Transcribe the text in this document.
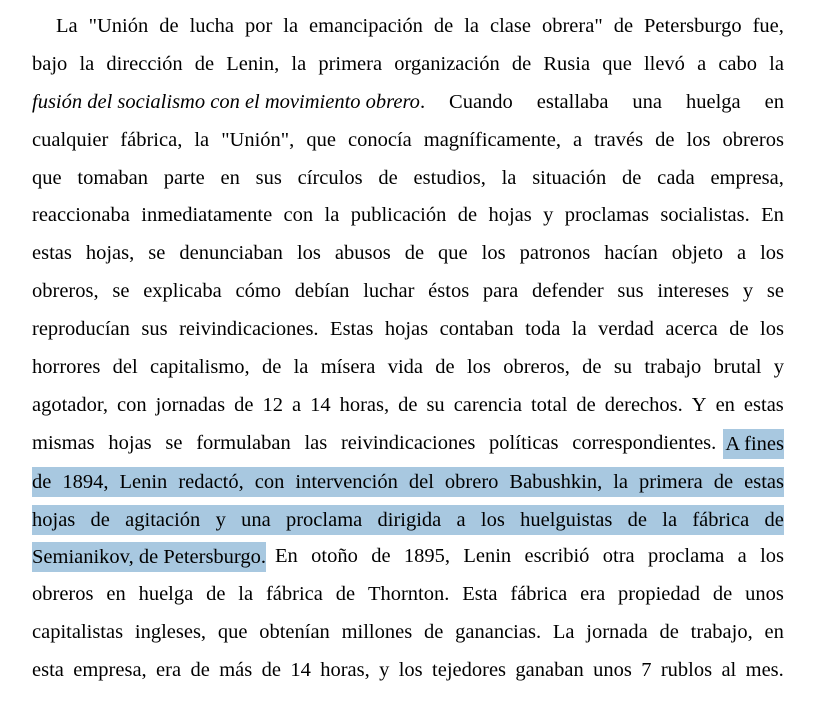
La "Unión de lucha por la emancipación de la clase obrera" de Petersburgo fue,
bajo la dirección de Lenin, la primera organización de Rusia que llevó a cabo la
fusión del socialismo con el movimiento obrero . Cuando estallaba una huelga en
cualquier fábrica, la "Unión", que conocía magníficamente, a través de los obreros
que tomaban parte en sus círculos de estudios, la situación de cada empresa,
reaccionaba inmediatamente con la publicación de hojas y proclamas socialistas. En
estas hojas, se denunciaban los abusos de que los patronos hacían objeto a los
obreros, se explicaba cómo debían luchar éstos para defender sus intereses y se
reproducían sus reivindicaciones. Estas hojas contaban toda la verdad acerca de los
horrores del capitalismo, de la mísera vida de los obreros, de su trabajo brutal y
agotador, con jornadas de 12 a 14 horas, de su carencia total de derechos. Y en estas
mismas hojas se formulaban las reivindicaciones políticas correspondientes. A fines
de 1894, Lenin redactó, con intervención del obrero Babushkin, la primera de estas
hojas de agitación y una proclama dirigida a los huelguistas de la fábrica de
Semianikov, de Petersburgo. En otoño de 1895, Lenin escribió otra proclama a los
obreros en huelga de la fábrica de Thornton. Esta fábrica era propiedad de unos
capitalistas ingleses, que obtenían millones de ganancias. La jornada de trabajo, en
esta empresa, era de más de 14 horas, y los tejedores ganaban unos 7 rublos al mes.
